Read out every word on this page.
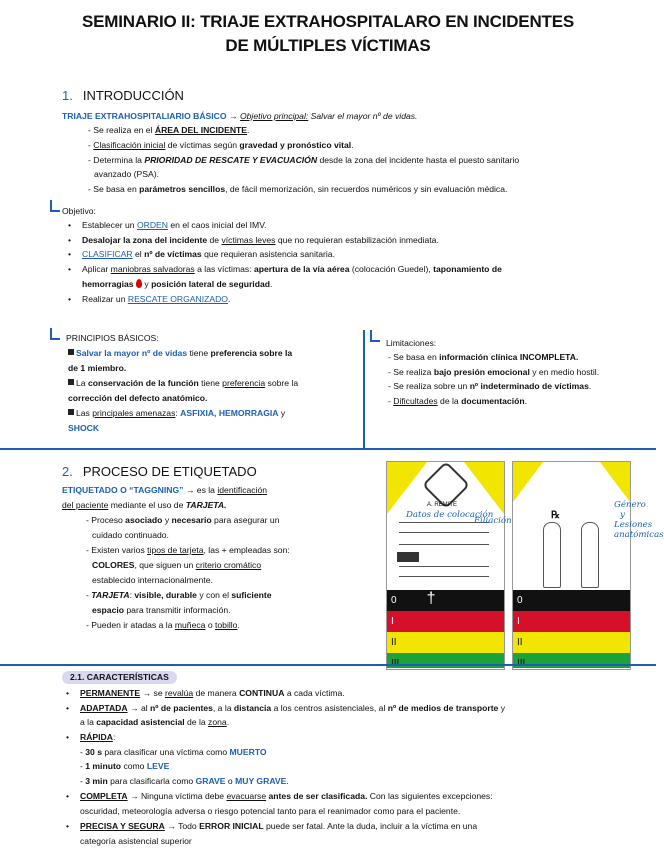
SEMINARIO II: TRIAJE EXTRAHOSPITALARO EN INCIDENTES
DE MÚLTIPLES VÍCTIMAS
1. INTRODUCCIÓN
TRIAJE EXTRAHOSPITALIARIO BÁSICO → Objetivo principal: Salvar el mayor nº de vidas.
- Se realiza en el ÁREA DEL INCIDENTE.
- Clasificación inicial de víctimas según gravedad y pronóstico vital.
- Determina la PRIORIDAD DE RESCATE Y EVACUACIÓN desde la zona del incidente hasta el puesto sanitario
avanzado (PSA).
- Se basa en parámetros sencillos, de fácil memorización, sin recuerdos numéricos y sin evaluación médica.
Objetivo:
• Establecer un ORDEN en el caos inicial del IMV.
• Desalojar la zona del incidente de víctimas leves que no requieran estabilización inmediata.
• CLASIFICAR el nº de víctimas que requieran asistencia sanitaria.
• Aplicar maniobras salvadoras a las víctimas: apertura de la vía aérea (colocación Guedel), taponamiento de
hemorragias  y posición lateral de seguridad.
• Realizar un RESCATE ORGANIZADO.
PRINCIPIOS BÁSICOS:
Salvar la mayor nº de vidas tiene preferencia sobre la
de 1 miembro.
La conservación de la función tiene preferencia sobre la
corrección del defecto anatómico.
Las principales amenazas: ASFIXIA, HEMORRAGIA y
SHOCK
Limitaciones:
- Se basa en información clínica INCOMPLETA.
- Se realiza bajo presión emocional y en medio hostil.
- Se realiza sobre un nº indeterminado de víctimas.
- Dificultades de la documentación.
2. PROCESO DE ETIQUETADO
ETIQUETADO O “TAGGNING” → es la identificación
del paciente mediante el uso de TARJETA.
- Proceso asociado y necesario para asegurar un
cuidado continuado.
- Existen varios tipos de tarjeta, las + empleadas son:
COLORES, que siguen un criterio cromático
establecido internacionalmente.
- TARJETA: visible, durable y con el suficiente
espacio para transmitir información.
- Pueden ir atadas a la muñeca o tobillo.
A. REMITE
0 †
I
II
℞
0
I
II
Datos de colocación
Filiación
Género
y
Lesiones
anatómicas
2.1. CARACTERÍSTICAS
• PERMANENTE → se revalúa de manera CONTINUA a cada víctima.
• ADAPTADA → al nº de pacientes, a la distancia a los centros asistenciales, al nº de medios de transporte y
a la capacidad asistencial de la zona.
• RÁPIDA:
- 30 s para clasificar una víctima como MUERTO
- 1 minuto como LEVE
- 3 min para clasificarla como GRAVE o MUY GRAVE.
• COMPLETA → Ninguna víctima debe evacuarse antes de ser clasificada. Con las siguientes excepciones:
oscuridad, meteorología adversa o riesgo potencial tanto para el reanimador como para el paciente.
• PRECISA Y SEGURA → Todo ERROR INICIAL puede ser fatal. Ante la duda, incluir a la víctima en una
categoría asistencial superior
